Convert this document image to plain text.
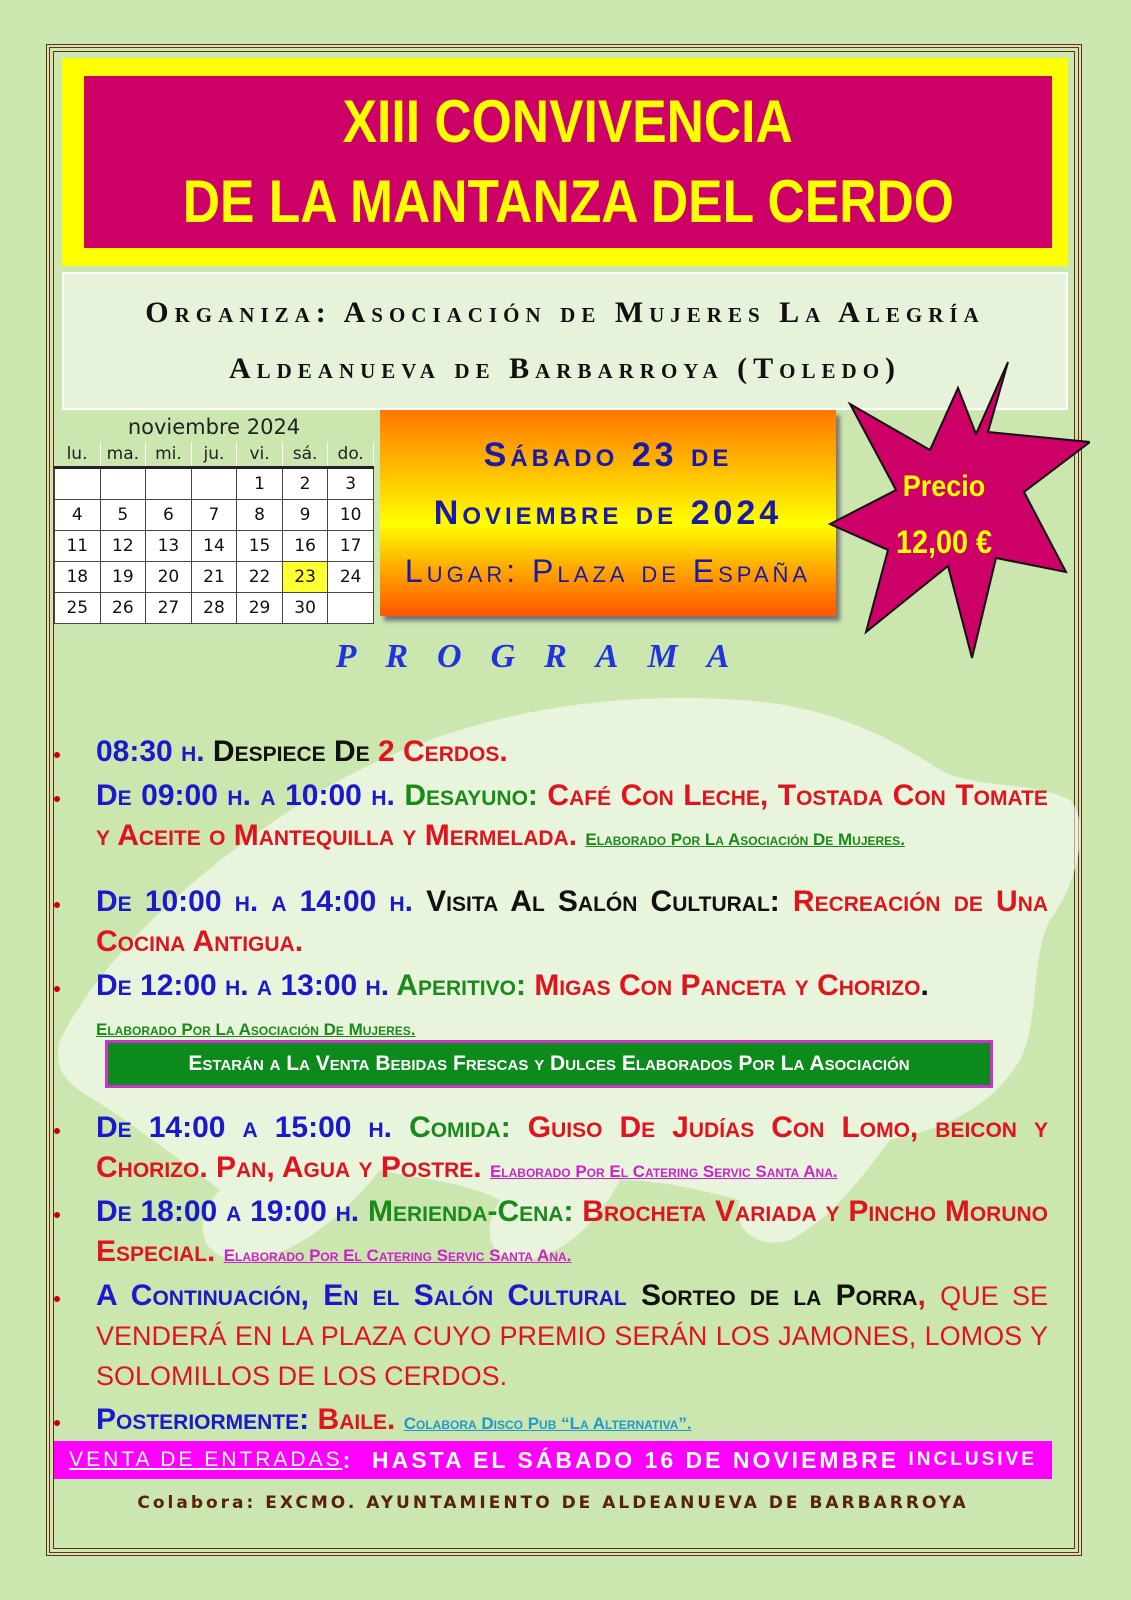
XIII CONVIVENCIA
DE LA MANTANZA DEL CERDO
Organiza: Asociación de Mujeres La Alegría
Aldeanueva de Barbarroya (Toledo)
noviembre 2024
lu.	ma.	mi.	ju.	vi.	sá.	do.
				1	2	3
4	5	6	7	8	9	10
11	12	13	14	15	16	17
18	19	20	21	22	23	24
25	26	27	28	29	30	
Sábado 23 de
Noviembre de 2024
Lugar: Plaza de España
Precio
12,00 €
PROGRAMA
08:30 h. Despiece De 2 Cerdos.
De 09:00 h. a 10:00 h. Desayuno: Café Con Leche, Tostada Con Tomate y Aceite o Mantequilla y Mermelada. Elaborado Por La Asociación De Mujeres.
De 10:00 h. a 14:00 h. Visita Al Salón Cultural: Recreación de Una Cocina Antigua.
De 12:00 h. a 13:00 h. Aperitivo: Migas Con Panceta y Chorizo.
Elaborado Por La Asociación De Mujeres.
Estarán a La Venta Bebidas Frescas y Dulces Elaborados Por La Asociación
De 14:00 a 15:00 h. Comida: Guiso De Judías Con Lomo, beicon y Chorizo. Pan, Agua y Postre. Elaborado Por El Catering Servic Santa Ana.
De 18:00 a 19:00 h. Merienda-Cena: Brocheta Variada y Pincho Moruno Especial. Elaborado Por El Catering Servic Santa Ana.
A Continuación, En el Salón Cultural Sorteo de la Porra, QUE SE VENDERÁ EN LA PLAZA CUYO PREMIO SERÁN LOS JAMONES, LOMOS Y SOLOMILLOS DE LOS CERDOS.
Posteriormente: Baile. Colabora Disco Pub “La Alternativa”.
VENTA DE ENTRADAS : HASTA EL SÁBADO 16 DE NOVIEMBRE
INCLUSIVE
Colabora: EXCMO. AYUNTAMIENTO DE ALDEANUEVA DE BARBARROYA
